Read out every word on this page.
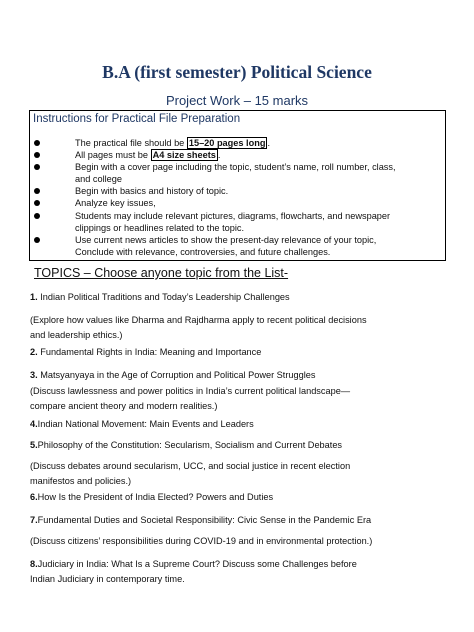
B.A (first semester) Political Science
Project Work – 15 marks
Instructions for Practical File Preparation
The practical file should be 15–20 pages long .
All pages must be A4 size sheets .
Begin with a cover page including the topic, student’s name, roll number, class,
and college
Begin with basics and history of topic.
Analyze key issues,
Students may include relevant pictures, diagrams, flowcharts, and newspaper
clippings or headlines related to the topic.
Use current news articles to show the present-day relevance of your topic,
Conclude with relevance, controversies, and future challenges.
TOPICS – Choose anyone topic from the List-

1. Indian Political Traditions and Today’s Leadership Challenges

(Explore how values like Dharma and Rajdharma apply to recent political decisions
and leadership ethics.)

2. Fundamental Rights in India: Meaning and Importance

3. Matsyanyaya in the Age of Corruption and Political Power Struggles

(Discuss lawlessness and power politics in India’s current political landscape—
compare ancient theory and modern realities.)

4.Indian National Movement: Main Events and Leaders

5.Philosophy of the Constitution: Secularism, Socialism and Current Debates

(Discuss debates around secularism, UCC, and social justice in recent election
manifestos and policies.)

6.How Is the President of India Elected? Powers and Duties

7.Fundamental Duties and Societal Responsibility: Civic Sense in the Pandemic Era

(Discuss citizens’ responsibilities during COVID-19 and in environmental protection.)

8.Judiciary in India: What Is a Supreme Court? Discuss some Challenges before
Indian Judiciary in contemporary time.
